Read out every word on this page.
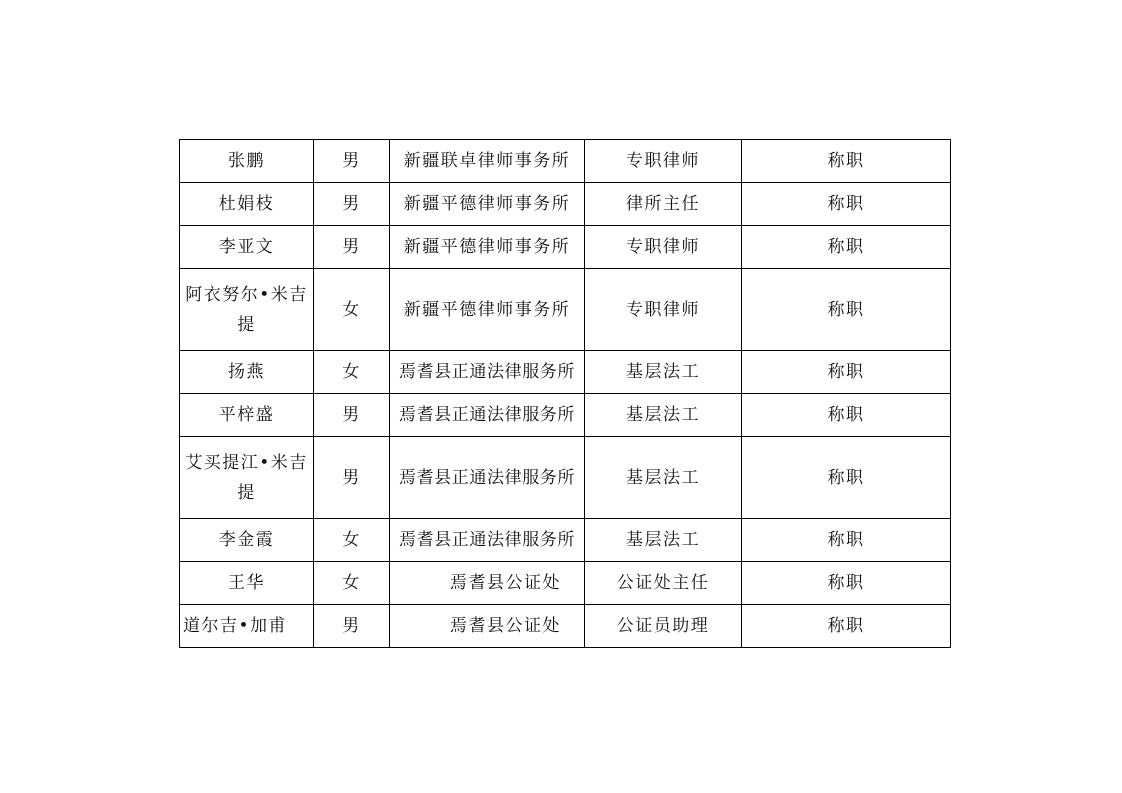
张鹏	男	新疆联卓律师事务所	专职律师	称职
杜娟枝	男	新疆平德律师事务所	律所主任	称职
李亚文	男	新疆平德律师事务所	专职律师	称职
阿衣努尔•米吉提	女	新疆平德律师事务所	专职律师	称职
扬燕	女	焉耆县正通法律服务所	基层法工	称职
平梓盛	男	焉耆县正通法律服务所	基层法工	称职
艾买提江•米吉提	男	焉耆县正通法律服务所	基层法工	称职
李金霞	女	焉耆县正通法律服务所	基层法工	称职
王华	女	焉耆县公证处	公证处主任	称职
道尔吉•加甫	男	焉耆县公证处	公证员助理	称职
